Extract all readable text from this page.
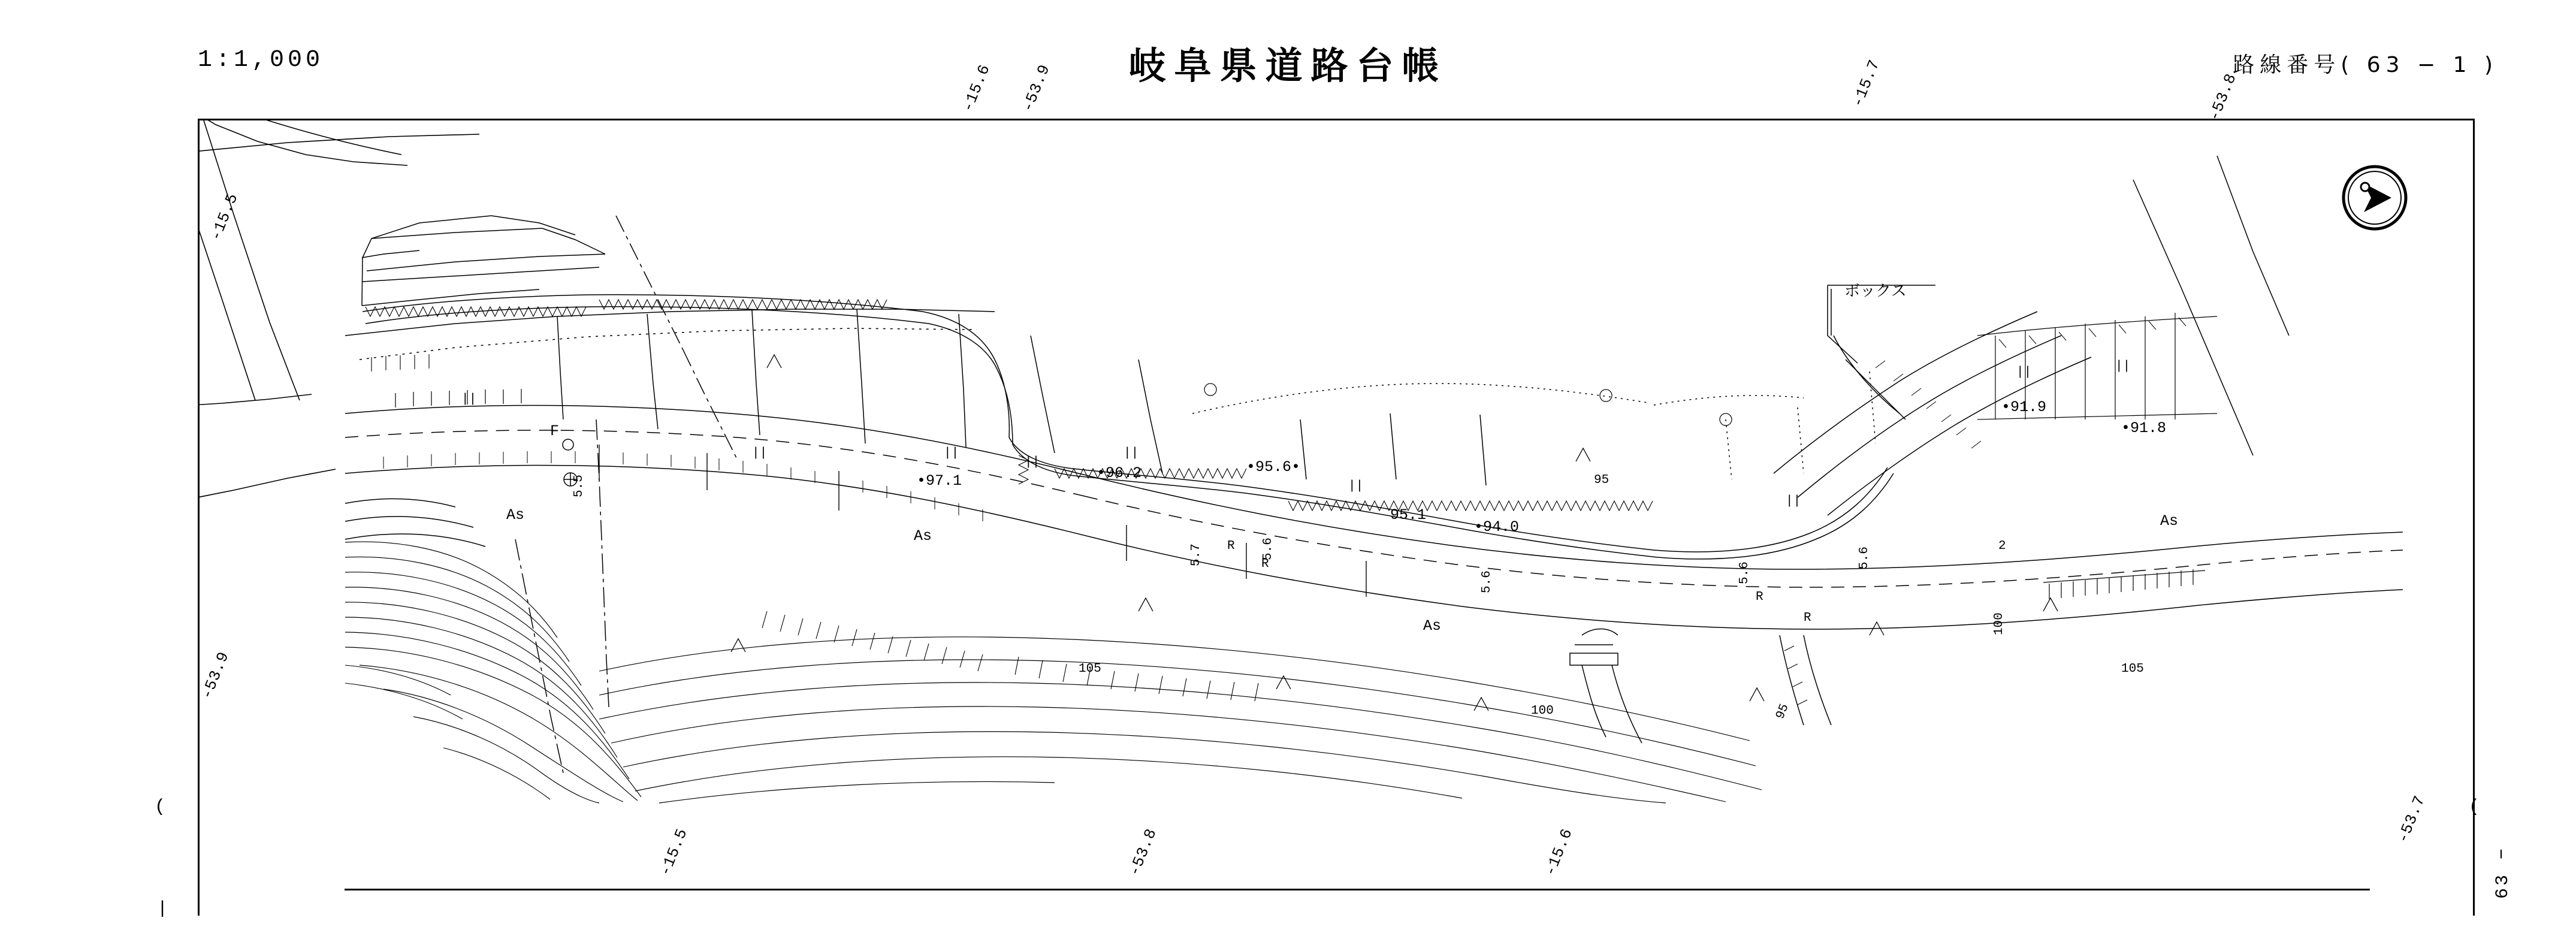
1:1,000	岐阜県道路台帳	路線番号( 63 − 1 )
-15.6 -53.9	-15.7	-53.8
-15.5
-53.9
-15.5	-53.8	-15.6
-53.7
(
|
(
63 −
ボックス
As
As
As
As
F
R
R
R
R
•97.1	•96.2	•95.6•
95.1
•94.0
•91.9
•91.8
105
100
95
95
100
105
5.5
5.7	5.6
5.6	5.6
5.6
2
||
||	||
||
||
||
||
||	||
